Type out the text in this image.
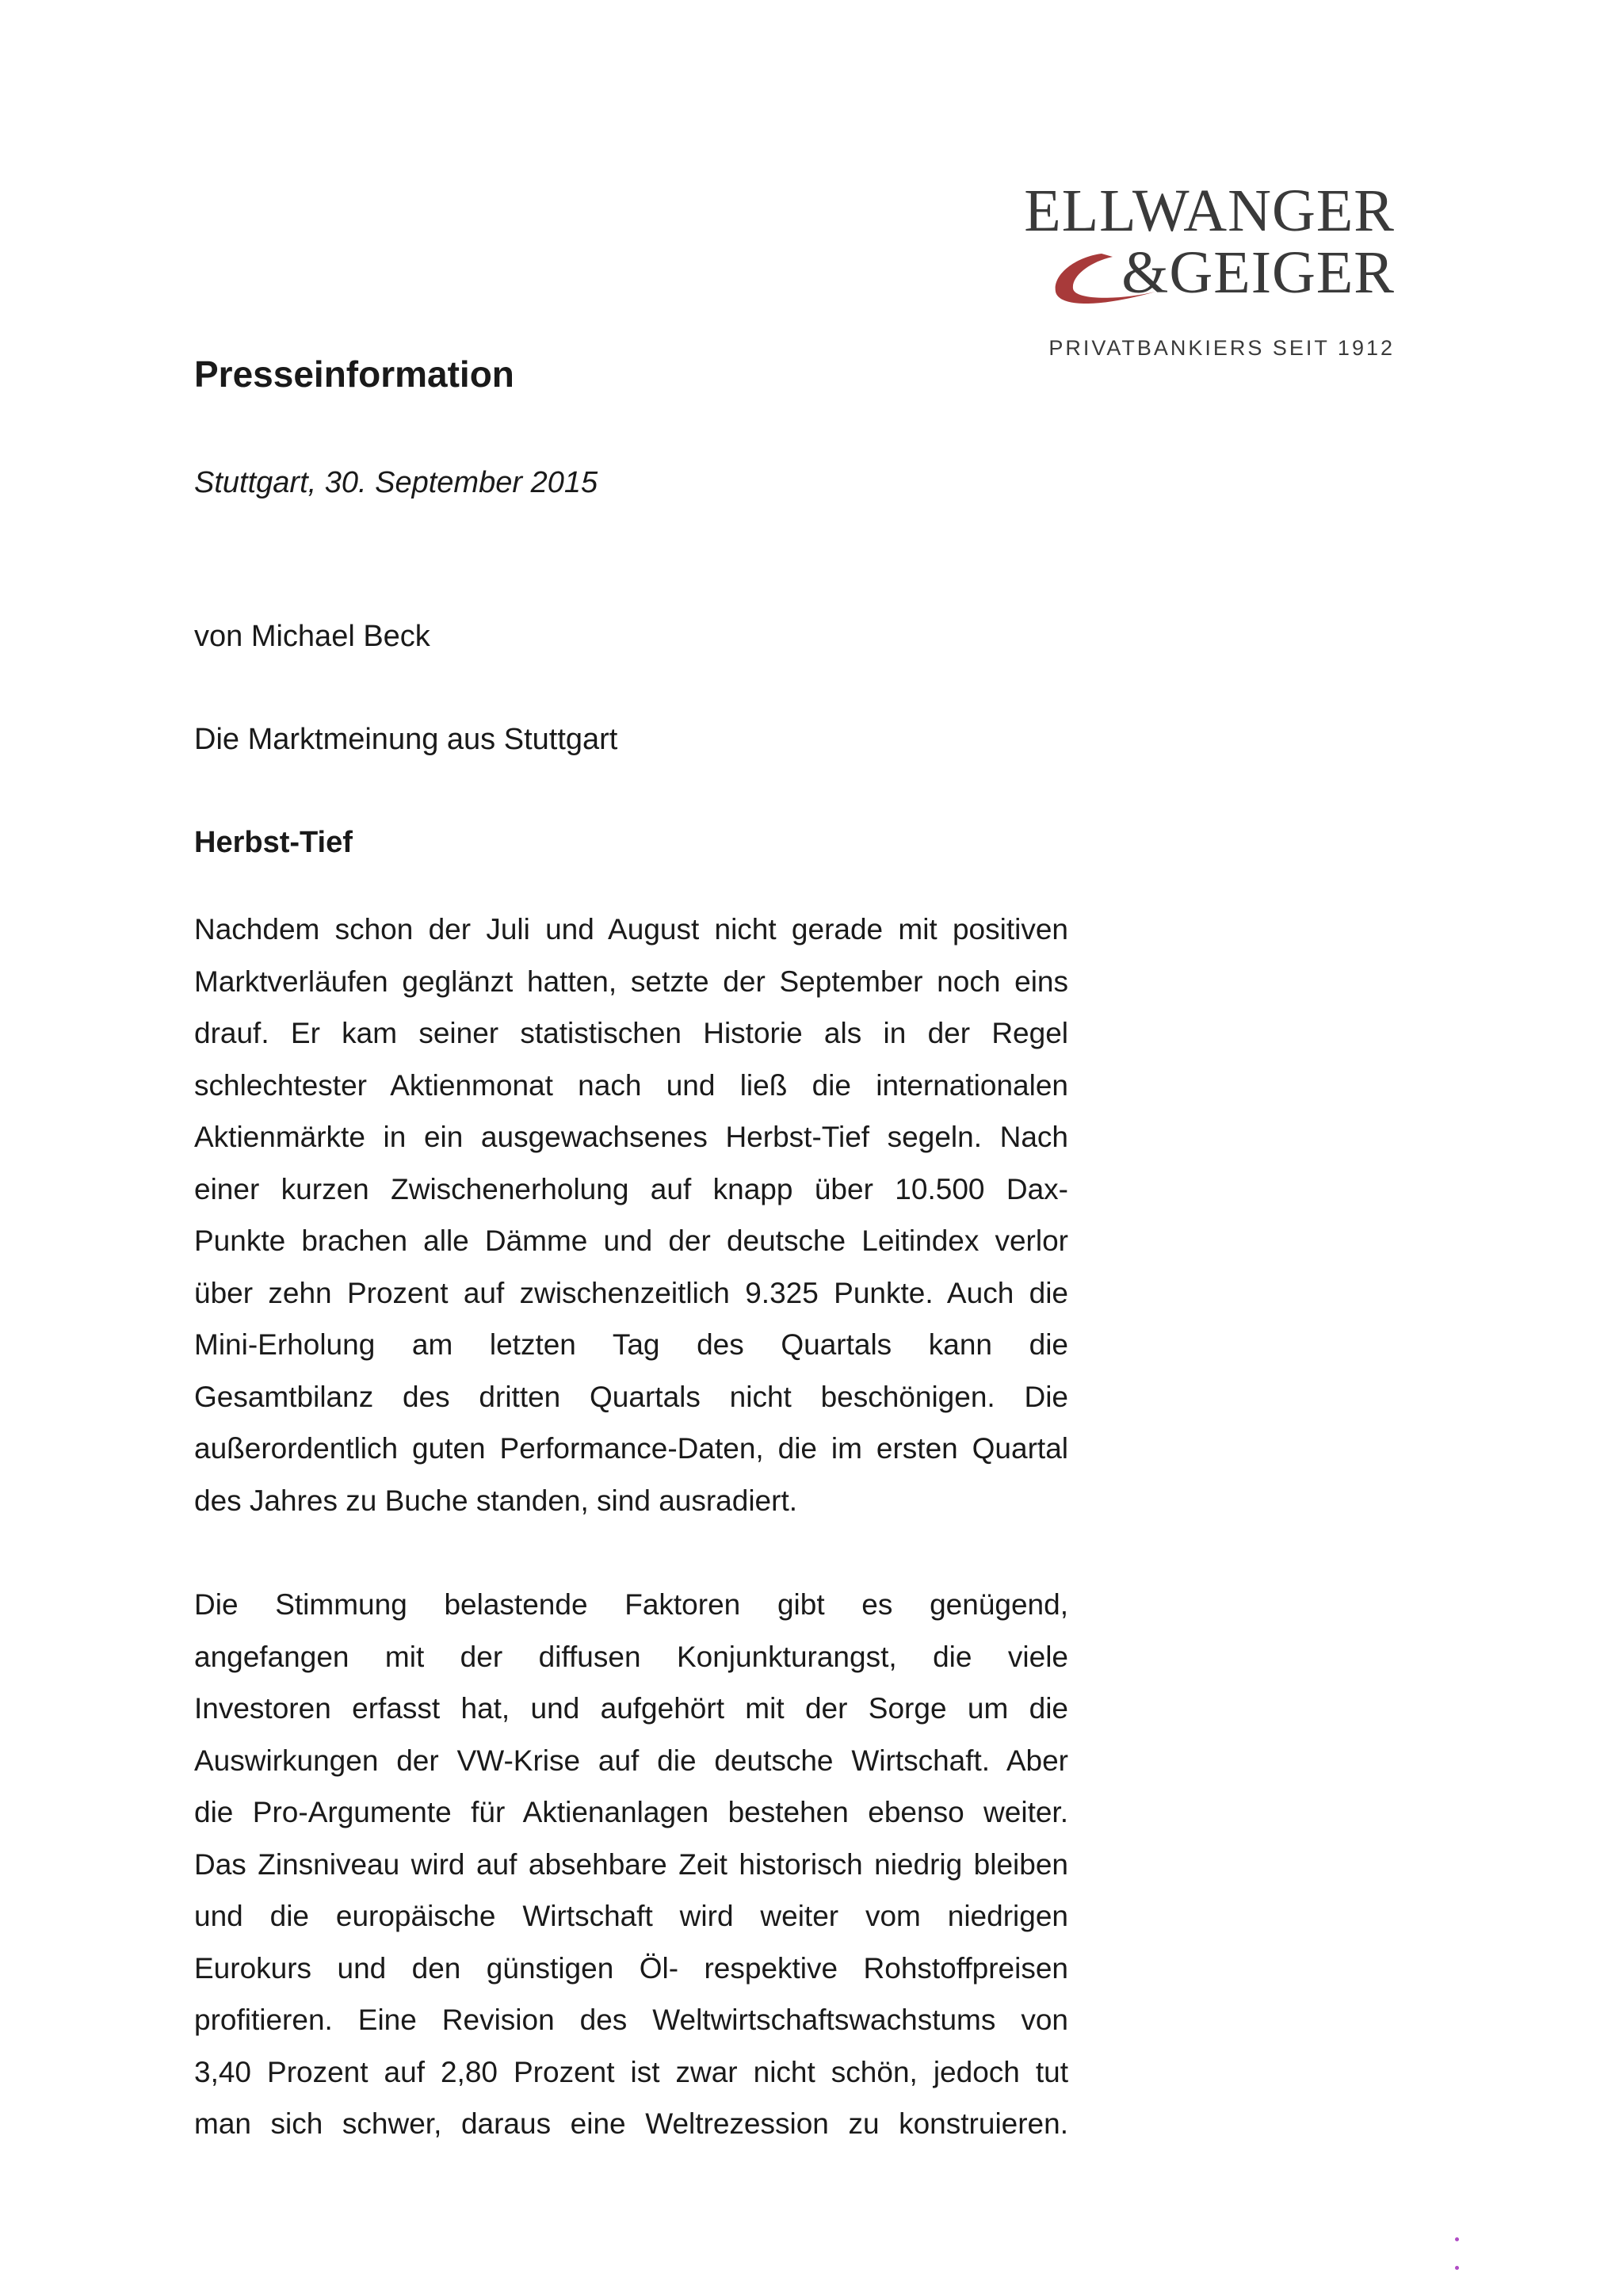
ELLWANGER
&GEIGER
PRIVATBANKIERS SEIT 1912
Presseinformation
Stuttgart, 30. September 2015
von Michael Beck
Die Marktmeinung aus Stuttgart
Herbst-Tief
Nachdem schon der Juli und August nicht gerade mit positiven
Marktverläufen geglänzt hatten, setzte der September noch eins
drauf. Er kam seiner statistischen Historie als in der Regel
schlechtester Aktienmonat nach und ließ die internationalen
Aktienmärkte in ein ausgewachsenes Herbst-Tief segeln. Nach
einer kurzen Zwischenerholung auf knapp über 10.500 Dax-
Punkte brachen alle Dämme und der deutsche Leitindex verlor
über zehn Prozent auf zwischenzeitlich 9.325 Punkte. Auch die
Mini-Erholung am letzten Tag des Quartals kann die
Gesamtbilanz des dritten Quartals nicht beschönigen. Die
außerordentlich guten Performance-Daten, die im ersten Quartal
des Jahres zu Buche standen, sind ausradiert.
Die Stimmung belastende Faktoren gibt es genügend,
angefangen mit der diffusen Konjunkturangst, die viele
Investoren erfasst hat, und aufgehört mit der Sorge um die
Auswirkungen der VW-Krise auf die deutsche Wirtschaft. Aber
die Pro-Argumente für Aktienanlagen bestehen ebenso weiter.
Das Zinsniveau wird auf absehbare Zeit historisch niedrig bleiben
und die europäische Wirtschaft wird weiter vom niedrigen
Eurokurs und den günstigen Öl- respektive Rohstoffpreisen
profitieren. Eine Revision des Weltwirtschaftswachstums von
3,40 Prozent auf 2,80 Prozent ist zwar nicht schön, jedoch tut
man sich schwer, daraus eine Weltrezession zu konstruieren.
